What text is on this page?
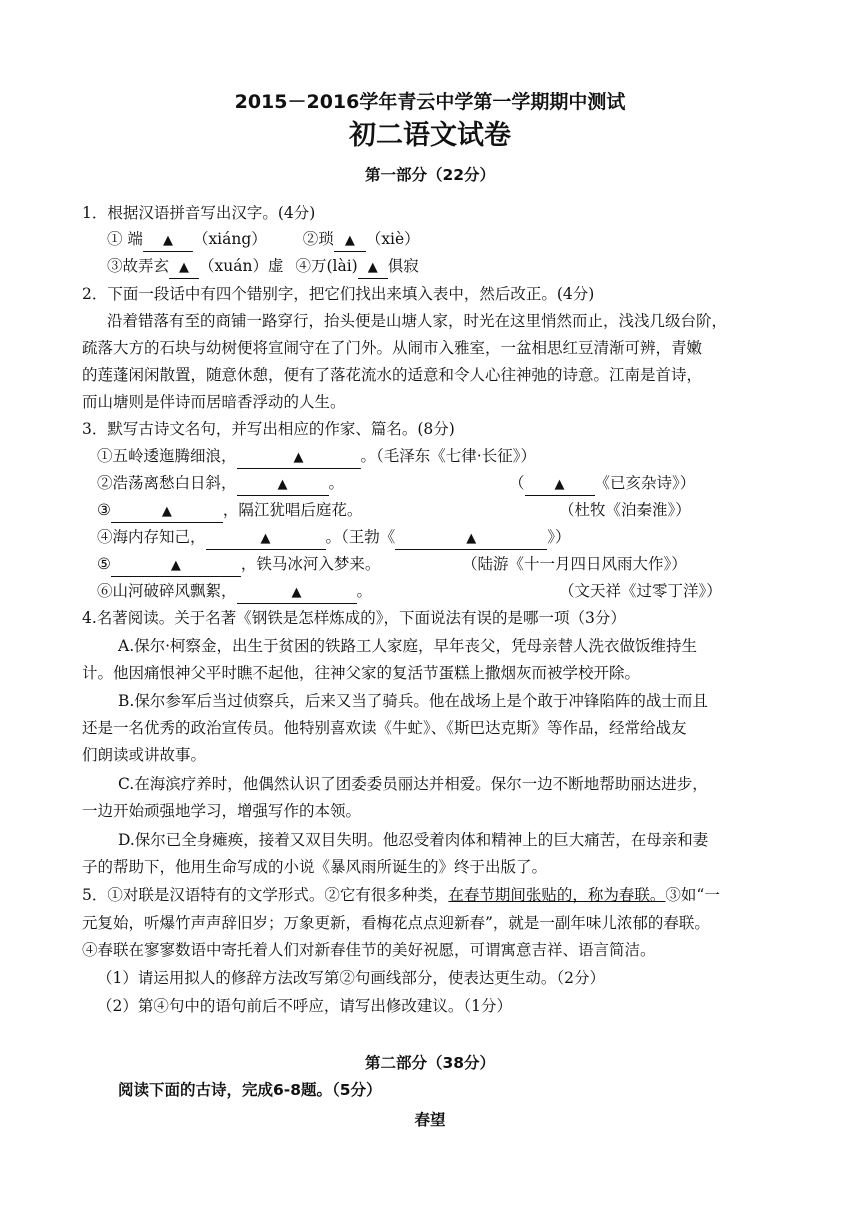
2015－2016学年青云中学第一学期期中测试
初二语文试卷
第一部分（22分）
1．根据汉语拼音写出汉字。(4分)
① 端 ▲ （xiáng） ②琐 ▲ （xiè）
③故弄玄 ▲ （xuán）虚 ④万(lài) ▲ 俱寂
2．下面一段话中有四个错别字，把它们找出来填入表中，然后改正。(4分)
沿着错落有至的商铺一路穿行，抬头便是山塘人家，时光在这里悄然而止，浅浅几级台阶，
疏落大方的石块与幼树便将宣闹守在了门外。从闹市入雅室，一盆相思红豆清渐可辨，青嫩
的莲蓬闲闲散置，随意休憩，便有了落花流水的适意和令人心往神弛的诗意。江南是首诗，
而山塘则是伴诗而居暗香浮动的人生。
3．默写古诗文名句，并写出相应的作家、篇名。(8分)
①五岭逶迤腾细浪，	▲	。（毛泽东《七律·长征》）
②浩荡离愁白日斜，	▲	。	（ ▲ 《已亥杂诗》）
③	▲	，隔江犹唱后庭花。	（杜牧《泊秦淮》）
④海内存知己，	▲	。（王勃《	▲	》）
⑤	▲	，铁马冰河入梦来。	（陆游《十一月四日风雨大作》）
⑥山河破碎风飘絮，	▲	。	（文天祥《过零丁洋》）
4.名著阅读。关于名著《钢铁是怎样炼成的》，下面说法有误的是哪一项（3分）
A.保尔·柯察金，出生于贫困的铁路工人家庭，早年丧父，凭母亲替人洗衣做饭维持生
计。他因痛恨神父平时瞧不起他，往神父家的复活节蛋糕上撒烟灰而被学校开除。
B.保尔参军后当过侦察兵，后来又当了骑兵。他在战场上是个敢于冲锋陷阵的战士而且
还是一名优秀的政治宣传员。他特别喜欢读《牛虻》、《斯巴达克斯》等作品，经常给战友
们朗读或讲故事。
C.在海滨疗养时，他偶然认识了团委委员丽达并相爱。保尔一边不断地帮助丽达进步，
一边开始顽强地学习，增强写作的本领。
D.保尔已全身瘫痪，接着又双目失明。他忍受着肉体和精神上的巨大痛苦，在母亲和妻
子的帮助下，他用生命写成的小说《暴风雨所诞生的》终于出版了。
5．①对联是汉语特有的文学形式。②它有很多种类，在春节期间张贴的，称为春联。③如“一
元复始，听爆竹声声辞旧岁；万象更新，看梅花点点迎新春”，就是一副年味儿浓郁的春联。
④春联在寥寥数语中寄托着人们对新春佳节的美好祝愿，可谓寓意吉祥、语言简洁。
（1）请运用拟人的修辞方法改写第②句画线部分，使表达更生动。（2分）
（2）第④句中的语句前后不呼应，请写出修改建议。（1分）
第二部分（38分）
阅读下面的古诗，完成6-8题。（5分）
春望
